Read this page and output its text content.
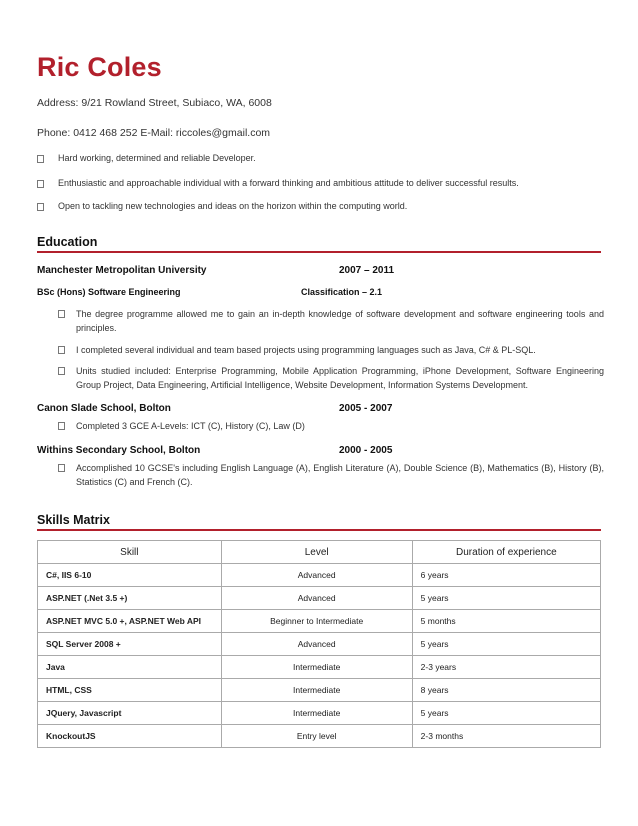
Ric Coles
Address: 9/21 Rowland Street, Subiaco, WA, 6008
Phone: 0412 468 252 E-Mail: riccoles@gmail.com
Hard working, determined and reliable Developer.
Enthusiastic and approachable individual with a forward thinking and ambitious attitude to deliver successful results.
Open to tackling new technologies and ideas on the horizon within the computing world.
Education
Manchester Metropolitan University	2007 – 2011
BSc (Hons) Software Engineering	Classification – 2.1
The degree programme allowed me to gain an in-depth knowledge of software development and software engineering tools and principles.
I completed several individual and team based projects using programming languages such as Java, C# & PL-SQL.
Units studied included: Enterprise Programming, Mobile Application Programming, iPhone Development, Software Engineering Group Project, Data Engineering, Artificial Intelligence, Website Development, Information Systems Development.
Canon Slade School, Bolton	2005 - 2007
Completed 3 GCE A-Levels: ICT (C), History (C), Law (D)
Withins Secondary School, Bolton	2000 - 2005
Accomplished 10 GCSE's including English Language (A), English Literature (A), Double Science (B), Mathematics (B), History (B), Statistics (C) and French (C).
Skills Matrix
Skill	Level	Duration of experience
C#, IIS 6-10	Advanced	6 years
ASP.NET (.Net 3.5 +)	Advanced	5 years
ASP.NET MVC 5.0 +, ASP.NET Web API	Beginner to Intermediate	5 months
SQL Server 2008 +	Advanced	5 years
Java	Intermediate	2-3 years
HTML, CSS	Intermediate	8 years
JQuery, Javascript	Intermediate	5 years
KnockoutJS	Entry level	2-3 months
